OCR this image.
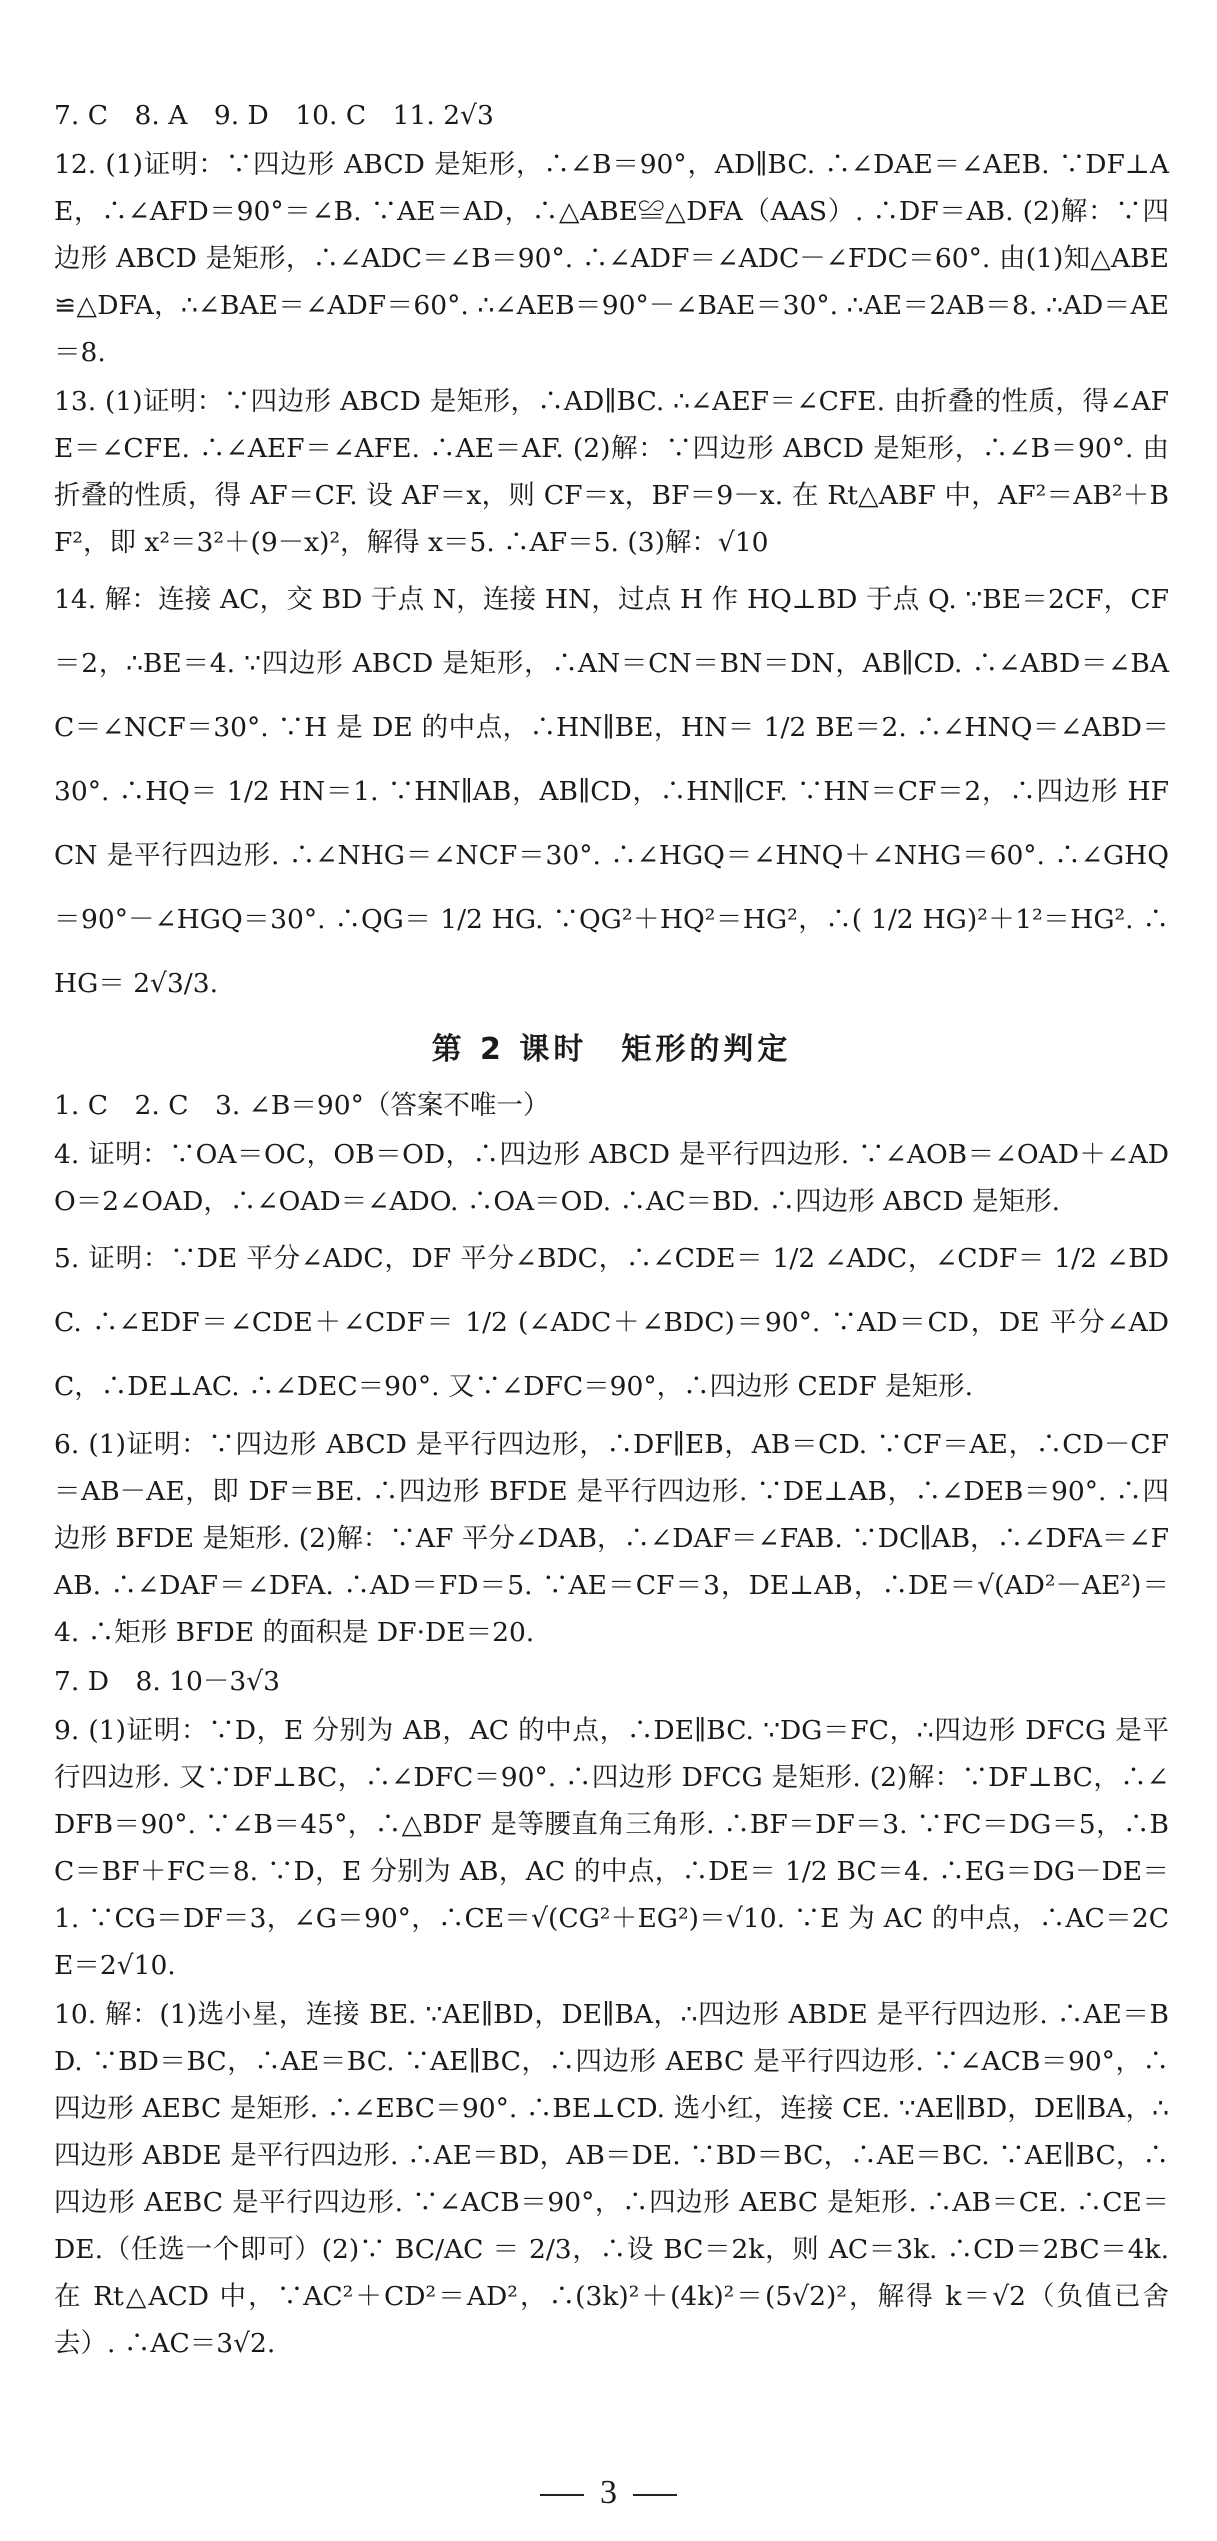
7. C　8. A　9. D　10. C　11. 2√3

12. (1)证明：∵四边形 ABCD 是矩形，∴∠B＝90°，AD∥BC. ∴∠DAE＝∠AEB. ∵DF⊥AE，∴∠AFD＝90°＝∠B. ∵AE＝AD，∴△ABE≌△DFA（AAS）. ∴DF＝AB. (2)解：∵四边形 ABCD 是矩形，∴∠ADC＝∠B＝90°. ∴∠ADF＝∠ADC－∠FDC＝60°. 由(1)知△ABE≌△DFA，∴∠BAE＝∠ADF＝60°. ∴∠AEB＝90°－∠BAE＝30°. ∴AE＝2AB＝8. ∴AD＝AE＝8.

13. (1)证明：∵四边形 ABCD 是矩形，∴AD∥BC. ∴∠AEF＝∠CFE. 由折叠的性质，得∠AFE＝∠CFE. ∴∠AEF＝∠AFE. ∴AE＝AF. (2)解：∵四边形 ABCD 是矩形，∴∠B＝90°. 由折叠的性质，得 AF＝CF. 设 AF＝x，则 CF＝x，BF＝9－x. 在 Rt△ABF 中，AF²＝AB²＋BF²，即 x²＝3²＋(9－x)²，解得 x＝5. ∴AF＝5. (3)解：√10

14. 解：连接 AC，交 BD 于点 N，连接 HN，过点 H 作 HQ⊥BD 于点 Q. ∵BE＝2CF，CF＝2，∴BE＝4. ∵四边形 ABCD 是矩形，∴AN＝CN＝BN＝DN，AB∥CD. ∴∠ABD＝∠BAC＝∠NCF＝30°. ∵H 是 DE 的中点，∴HN∥BE，HN＝ 1/2 BE＝2. ∴∠HNQ＝∠ABD＝30°. ∴HQ＝ 1/2 HN＝1. ∵HN∥AB，AB∥CD，∴HN∥CF. ∵HN＝CF＝2，∴四边形 HFCN 是平行四边形. ∴∠NHG＝∠NCF＝30°. ∴∠HGQ＝∠HNQ＋∠NHG＝60°. ∴∠GHQ＝90°－∠HGQ＝30°. ∴QG＝ 1/2 HG. ∵QG²＋HQ²＝HG²，∴( 1/2 HG)²＋1²＝HG². ∴HG＝ 2√3/3.

第 2 课时　矩形的判定

1. C　2. C　3. ∠B＝90°（答案不唯一）

4. 证明：∵OA＝OC，OB＝OD，∴四边形 ABCD 是平行四边形. ∵∠AOB＝∠OAD＋∠ADO＝2∠OAD，∴∠OAD＝∠ADO. ∴OA＝OD. ∴AC＝BD. ∴四边形 ABCD 是矩形.

5. 证明：∵DE 平分∠ADC，DF 平分∠BDC，∴∠CDE＝ 1/2 ∠ADC，∠CDF＝ 1/2 ∠BDC. ∴∠EDF＝∠CDE＋∠CDF＝ 1/2 (∠ADC＋∠BDC)＝90°. ∵AD＝CD，DE 平分∠ADC，∴DE⊥AC. ∴∠DEC＝90°. 又∵∠DFC＝90°，∴四边形 CEDF 是矩形.

6. (1)证明：∵四边形 ABCD 是平行四边形，∴DF∥EB，AB＝CD. ∵CF＝AE，∴CD－CF＝AB－AE，即 DF＝BE. ∴四边形 BFDE 是平行四边形. ∵DE⊥AB，∴∠DEB＝90°. ∴四边形 BFDE 是矩形. (2)解：∵AF 平分∠DAB，∴∠DAF＝∠FAB. ∵DC∥AB，∴∠DFA＝∠FAB. ∴∠DAF＝∠DFA. ∴AD＝FD＝5. ∵AE＝CF＝3，DE⊥AB，∴DE＝√(AD²－AE²)＝4. ∴矩形 BFDE 的面积是 DF·DE＝20.

7. D　8. 10－3√3

9. (1)证明：∵D，E 分别为 AB，AC 的中点，∴DE∥BC. ∵DG＝FC，∴四边形 DFCG 是平行四边形. 又∵DF⊥BC，∴∠DFC＝90°. ∴四边形 DFCG 是矩形. (2)解：∵DF⊥BC，∴∠DFB＝90°. ∵∠B＝45°，∴△BDF 是等腰直角三角形. ∴BF＝DF＝3. ∵FC＝DG＝5，∴BC＝BF＋FC＝8. ∵D，E 分别为 AB，AC 的中点，∴DE＝ 1/2 BC＝4. ∴EG＝DG－DE＝1. ∵CG＝DF＝3，∠G＝90°，∴CE＝√(CG²＋EG²)＝√10. ∵E 为 AC 的中点，∴AC＝2CE＝2√10.

10. 解：(1)选小星，连接 BE. ∵AE∥BD，DE∥BA，∴四边形 ABDE 是平行四边形. ∴AE＝BD. ∵BD＝BC，∴AE＝BC. ∵AE∥BC，∴四边形 AEBC 是平行四边形. ∵∠ACB＝90°，∴四边形 AEBC 是矩形. ∴∠EBC＝90°. ∴BE⊥CD. 选小红，连接 CE. ∵AE∥BD，DE∥BA，∴四边形 ABDE 是平行四边形. ∴AE＝BD，AB＝DE. ∵BD＝BC，∴AE＝BC. ∵AE∥BC，∴四边形 AEBC 是平行四边形. ∵∠ACB＝90°，∴四边形 AEBC 是矩形. ∴AB＝CE. ∴CE＝DE.（任选一个即可）(2)∵ BC/AC ＝ 2/3，∴设 BC＝2k，则 AC＝3k. ∴CD＝2BC＝4k. 在 Rt△ACD 中，∵AC²＋CD²＝AD²，∴(3k)²＋(4k)²＝(5√2)²，解得 k＝√2（负值已舍去）. ∴AC＝3√2.

3
